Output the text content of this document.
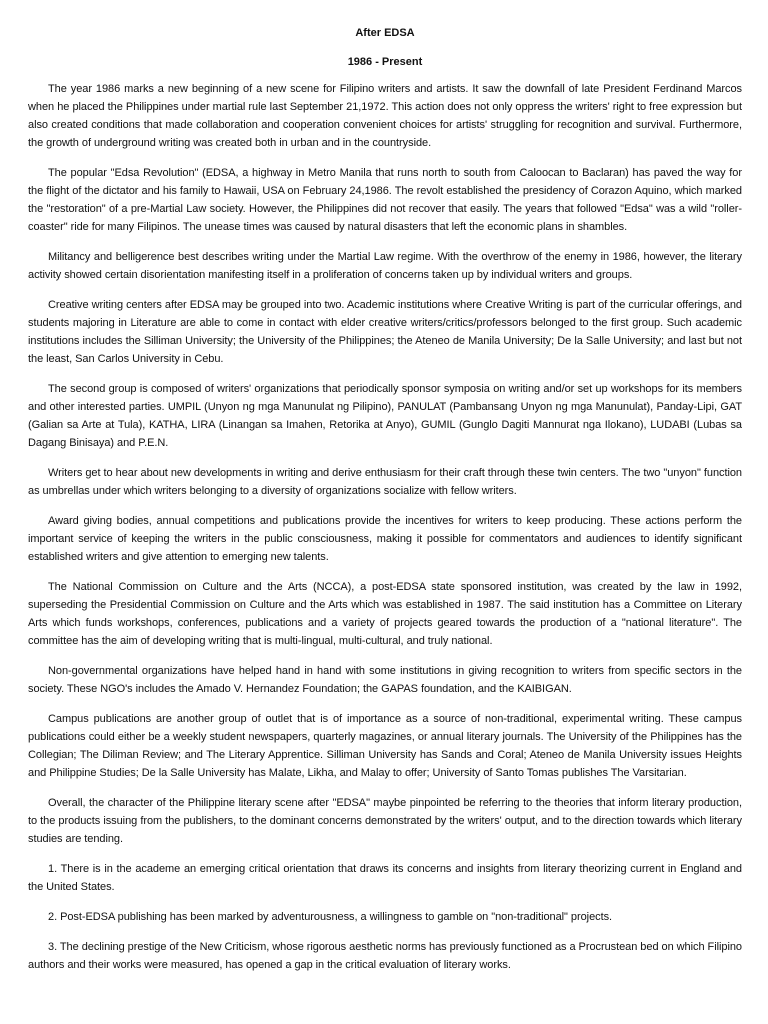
After EDSA
1986 - Present

The year 1986 marks a new beginning of a new scene for Filipino writers and artists. It saw the downfall of late President Ferdinand Marcos when he placed the Philippines under martial rule last September 21,1972. This action does not only oppress the writers' right to free expression but also created conditions that made collaboration and cooperation convenient choices for artists' struggling for recognition and survival. Furthermore, the growth of underground writing was created both in urban and in the countryside.

The popular "Edsa Revolution" (EDSA, a highway in Metro Manila that runs north to south from Caloocan to Baclaran) has paved the way for the flight of the dictator and his family to Hawaii, USA on February 24,1986. The revolt established the presidency of Corazon Aquino, which marked the "restoration" of a pre-Martial Law society. However, the Philippines did not recover that easily. The years that followed "Edsa" was a wild "roller-coaster" ride for many Filipinos. The unease times was caused by natural disasters that left the economic plans in shambles.

Militancy and belligerence best describes writing under the Martial Law regime. With the overthrow of the enemy in 1986, however, the literary activity showed certain disorientation manifesting itself in a proliferation of concerns taken up by individual writers and groups.

Creative writing centers after EDSA may be grouped into two. Academic institutions where Creative Writing is part of the curricular offerings, and students majoring in Literature are able to come in contact with elder creative writers/critics/professors belonged to the first group. Such academic institutions includes the Silliman University; the University of the Philippines; the Ateneo de Manila University; De la Salle University; and last but not the least, San Carlos University in Cebu.

The second group is composed of writers' organizations that periodically sponsor symposia on writing and/or set up workshops for its members and other interested parties. UMPIL (Unyon ng mga Manunulat ng Pilipino), PANULAT (Pambansang Unyon ng mga Manunulat), Panday-Lipi, GAT (Galian sa Arte at Tula), KATHA, LIRA (Linangan sa Imahen, Retorika at Anyo), GUMIL (Gunglo Dagiti Mannurat nga Ilokano), LUDABI (Lubas sa Dagang Binisaya) and P.E.N.

Writers get to hear about new developments in writing and derive enthusiasm for their craft through these twin centers. The two "unyon" function as umbrellas under which writers belonging to a diversity of organizations socialize with fellow writers.

Award giving bodies, annual competitions and publications provide the incentives for writers to keep producing. These actions perform the important service of keeping the writers in the public consciousness, making it possible for commentators and audiences to identify significant established writers and give attention to emerging new talents.

The National Commission on Culture and the Arts (NCCA), a post-EDSA state sponsored institution, was created by the law in 1992, superseding the Presidential Commission on Culture and the Arts which was established in 1987. The said institution has a Committee on Literary Arts which funds workshops, conferences, publications and a variety of projects geared towards the production of a "national literature". The committee has the aim of developing writing that is multi-lingual, multi-cultural, and truly national.

Non-governmental organizations have helped hand in hand with some institutions in giving recognition to writers from specific sectors in the society. These NGO's includes the Amado V. Hernandez Foundation; the GAPAS foundation, and the KAIBIGAN.

Campus publications are another group of outlet that is of importance as a source of non-traditional, experimental writing. These campus publications could either be a weekly student newspapers, quarterly magazines, or annual literary journals. The University of the Philippines has the Collegian; The Diliman Review; and The Literary Apprentice. Silliman University has Sands and Coral; Ateneo de Manila University issues Heights and Philippine Studies; De la Salle University has Malate, Likha, and Malay to offer; University of Santo Tomas publishes The Varsitarian.

Overall, the character of the Philippine literary scene after "EDSA" maybe pinpointed be referring to the theories that inform literary production, to the products issuing from the publishers, to the dominant concerns demonstrated by the writers' output, and to the direction towards which literary studies are tending.

1. There is in the academe an emerging critical orientation that draws its concerns and insights from literary theorizing current in England and the United States.

2. Post-EDSA publishing has been marked by adventurousness, a willingness to gamble on "non-traditional" projects.

3. The declining prestige of the New Criticism, whose rigorous aesthetic norms has previously functioned as a Procrustean bed on which Filipino authors and their works were measured, has opened a gap in the critical evaluation of literary works.
